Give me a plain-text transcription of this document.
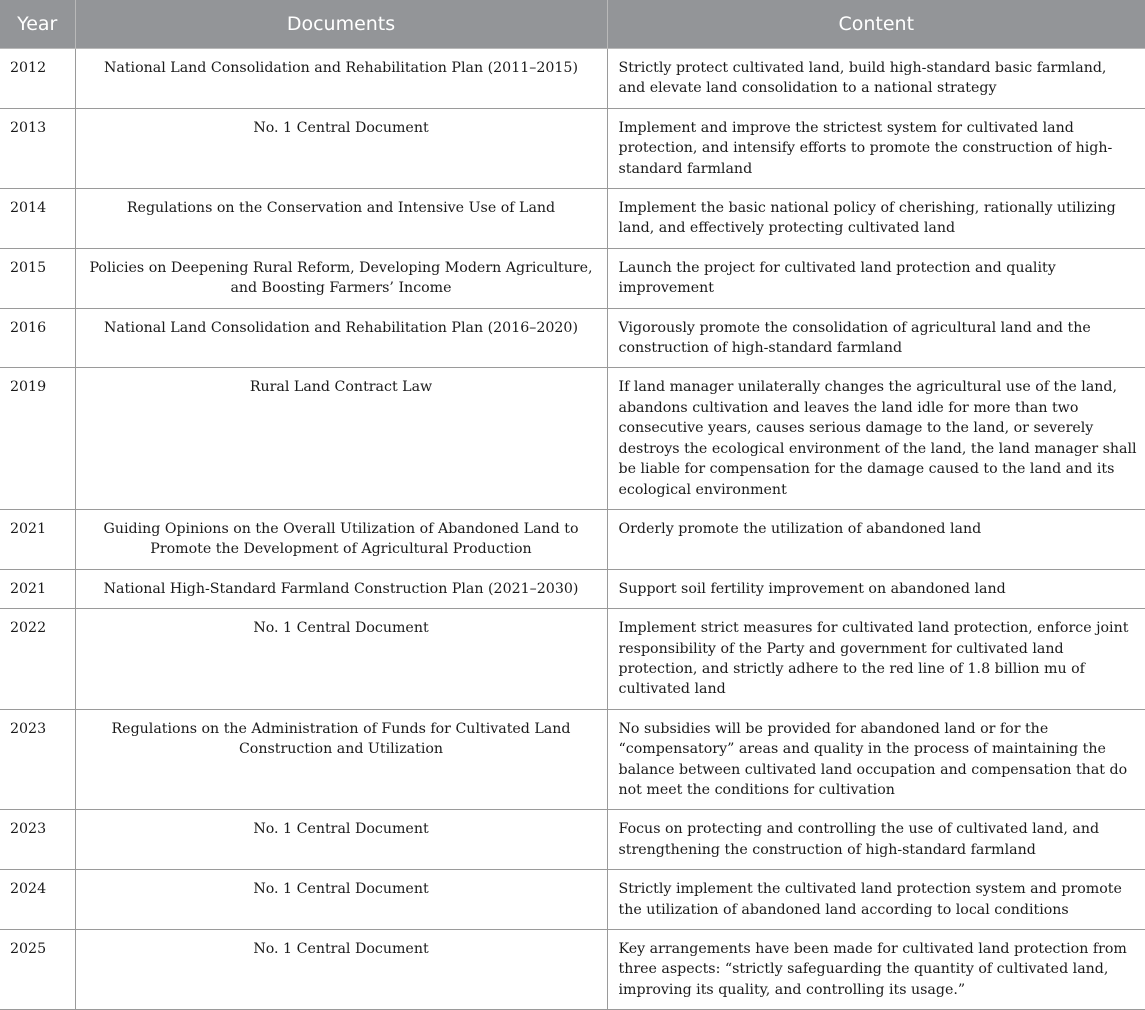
Year	Documents	Content
2012	National Land Consolidation and Rehabilitation Plan (2011–2015)	Strictly protect cultivated land, build high-standard basic farmland, and elevate land consolidation to a national strategy
2013	No. 1 Central Document	Implement and improve the strictest system for cultivated land protection, and intensify efforts to promote the construction of high-standard farmland
2014	Regulations on the Conservation and Intensive Use of Land	Implement the basic national policy of cherishing, rationally utilizing land, and effectively protecting cultivated land
2015	Policies on Deepening Rural Reform, Developing Modern Agriculture, and Boosting Farmers’ Income	Launch the project for cultivated land protection and quality improvement
2016	National Land Consolidation and Rehabilitation Plan (2016–2020)	Vigorously promote the consolidation of agricultural land and the construction of high-standard farmland
2019	Rural Land Contract Law	If land manager unilaterally changes the agricultural use of the land, abandons cultivation and leaves the land idle for more than two consecutive years, causes serious damage to the land, or severely destroys the ecological environment of the land, the land manager shall be liable for compensation for the damage caused to the land and its ecological environment
2021	Guiding Opinions on the Overall Utilization of Abandoned Land to Promote the Development of Agricultural Production	Orderly promote the utilization of abandoned land
2021	National High-Standard Farmland Construction Plan (2021–2030)	Support soil fertility improvement on abandoned land
2022	No. 1 Central Document	Implement strict measures for cultivated land protection, enforce joint responsibility of the Party and government for cultivated land protection, and strictly adhere to the red line of 1.8 billion mu of cultivated land
2023	Regulations on the Administration of Funds for Cultivated Land Construction and Utilization	No subsidies will be provided for abandoned land or for the “compensatory” areas and quality in the process of maintaining the balance between cultivated land occupation and compensation that do not meet the conditions for cultivation
2023	No. 1 Central Document	Focus on protecting and controlling the use of cultivated land, and strengthening the construction of high-standard farmland
2024	No. 1 Central Document	Strictly implement the cultivated land protection system and promote the utilization of abandoned land according to local conditions
2025	No. 1 Central Document	Key arrangements have been made for cultivated land protection from three aspects: “strictly safeguarding the quantity of cultivated land, improving its quality, and controlling its usage.”
